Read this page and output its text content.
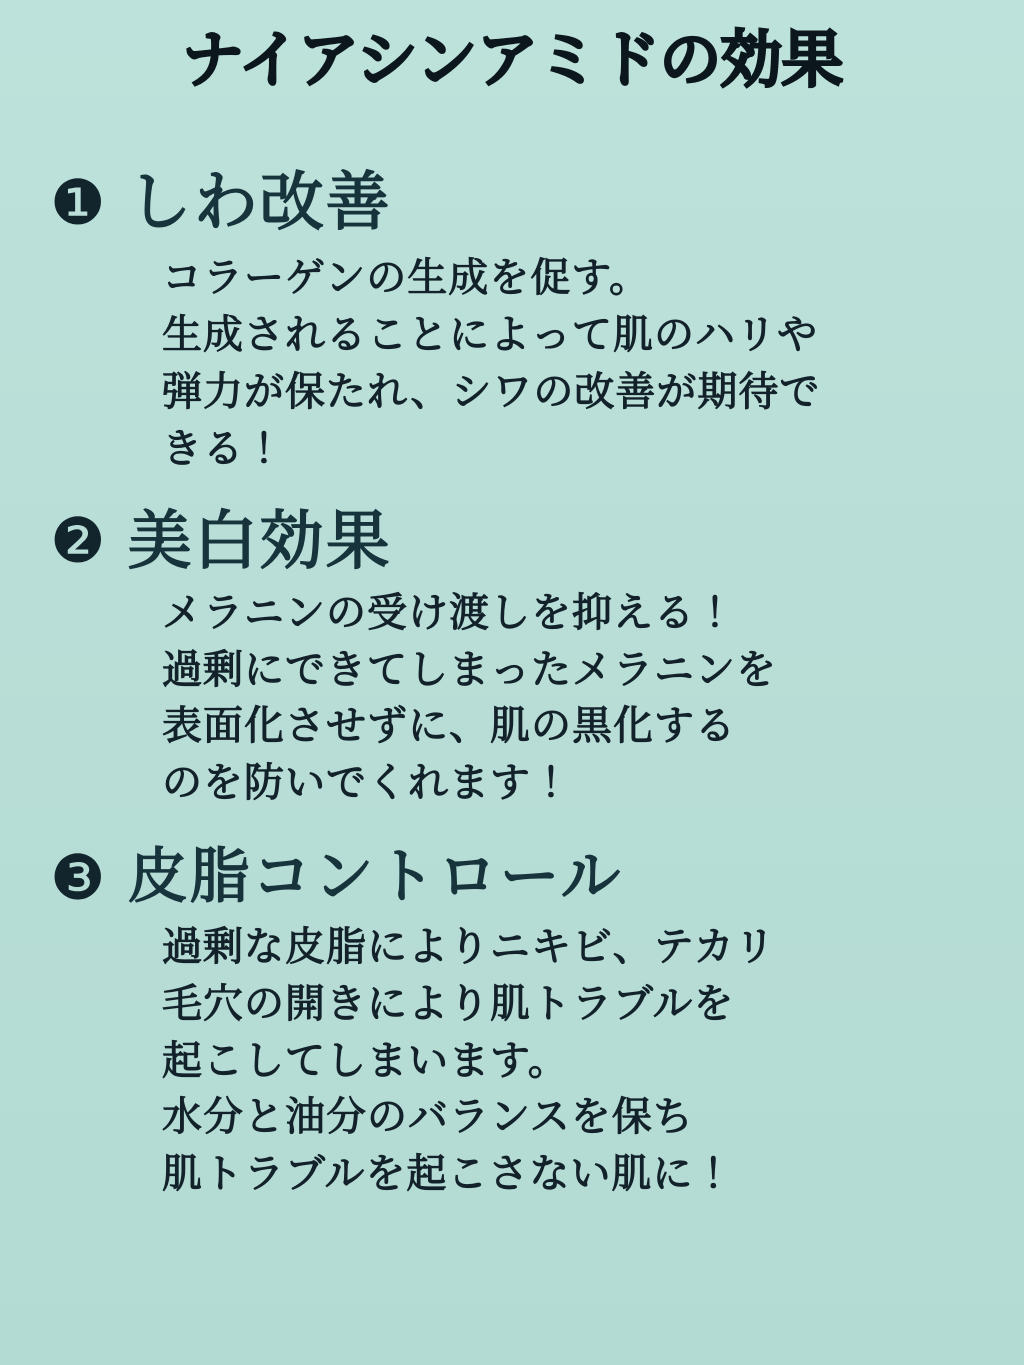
ナイアシンアミドの効果
❶ しわ改善
コラーゲンの生成を促す。
生成されることによって肌のハリや
弾力が保たれ、シワの改善が期待で
きる！
❷ 美白効果
メラニンの受け渡しを抑える！
過剰にできてしまったメラニンを
表面化させずに、肌の黒化する
のを防いでくれます！
❸ 皮脂コントロール
過剰な皮脂によりニキビ、テカリ
毛穴の開きにより肌トラブルを
起こしてしまいます。
水分と油分のバランスを保ち
肌トラブルを起こさない肌に！
